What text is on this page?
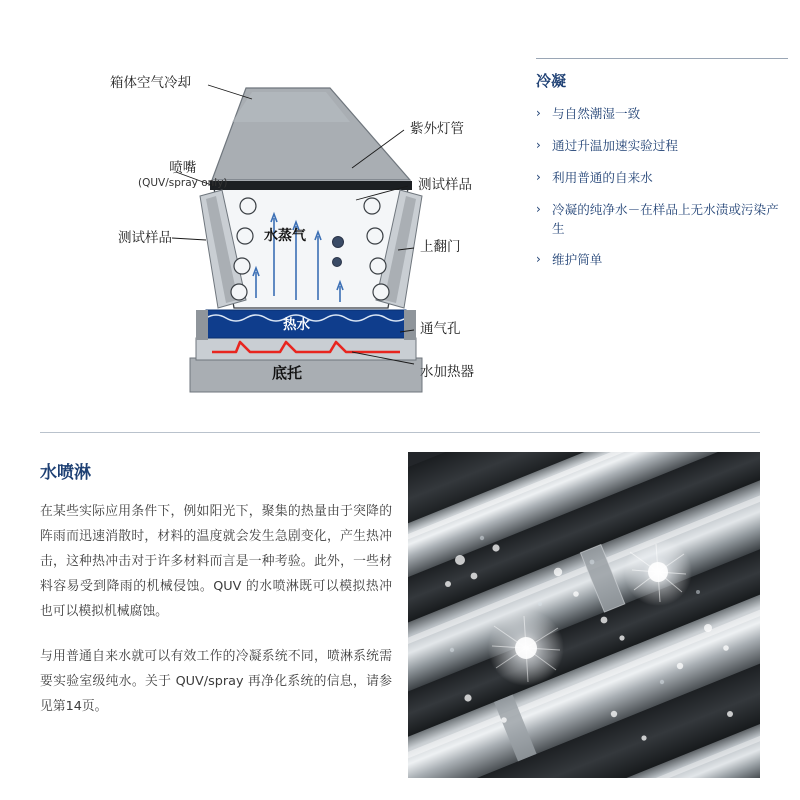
箱体空气冷却
喷嘴
(QUV/spray only)
测试样品
紫外灯管
测试样品
上翻门
通气孔
水加热器
水蒸气
热水
底托
冷凝
› 与自然潮湿一致
› 通过升温加速实验过程
› 利用普通的自来水
› 冷凝的纯净水－在样品上无水渍或污染产生
› 维护简单
水喷淋

在某些实际应用条件下，例如阳光下，聚集的热量由于突降的阵雨而迅速消散时，材料的温度就会发生急剧变化，产生热冲击，这种热冲击对于许多材料而言是一种考验。此外，一些材料容易受到降雨的机械侵蚀。QUV 的水喷淋既可以模拟热冲也可以模拟机械腐蚀。

与用普通自来水就可以有效工作的冷凝系统不同，喷淋系统需要实验室级纯水。关于 QUV/spray 再净化系统的信息，请参见第14页。
